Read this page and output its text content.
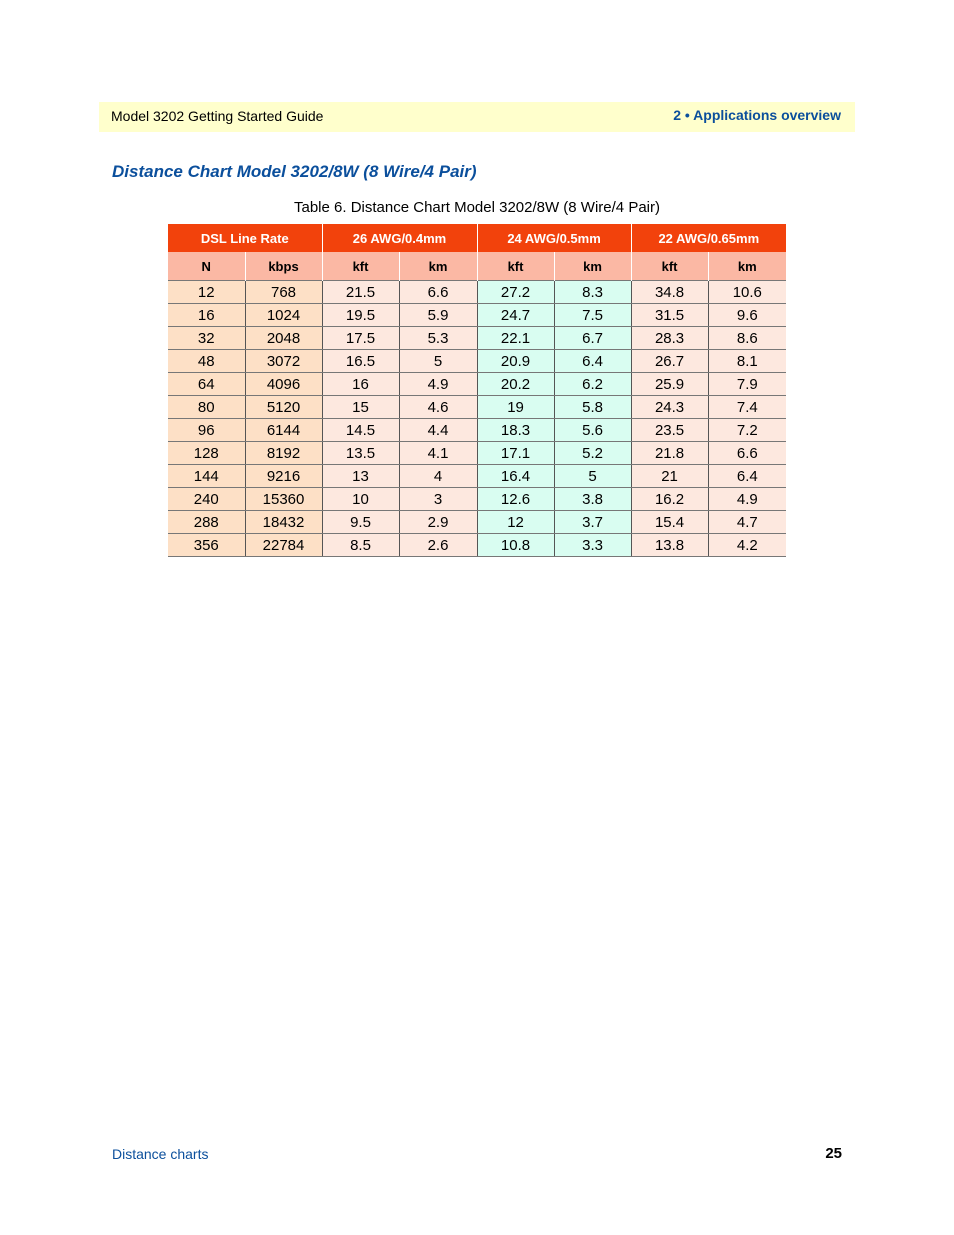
Model 3202 Getting Started Guide	2 • Applications overview
Distance Chart Model 3202/8W (8 Wire/4 Pair)
Table 6. Distance Chart Model 3202/8W (8 Wire/4 Pair)
DSL Line Rate		26 AWG/0.4mm		24 AWG/0.5mm		22 AWG/0.65mm	
N	kbps	kft	km	kft	km	kft	km
12	768	21.5	6.6	27.2	8.3	34.8	10.6
16	1024	19.5	5.9	24.7	7.5	31.5	9.6
32	2048	17.5	5.3	22.1	6.7	28.3	8.6
48	3072	16.5	5	20.9	6.4	26.7	8.1
64	4096	16	4.9	20.2	6.2	25.9	7.9
80	5120	15	4.6	19	5.8	24.3	7.4
96	6144	14.5	4.4	18.3	5.6	23.5	7.2
128	8192	13.5	4.1	17.1	5.2	21.8	6.6
144	9216	13	4	16.4	5	21	6.4
240	15360	10	3	12.6	3.8	16.2	4.9
288	18432	9.5	2.9	12	3.7	15.4	4.7
356	22784	8.5	2.6	10.8	3.3	13.8	4.2
Distance charts	25
